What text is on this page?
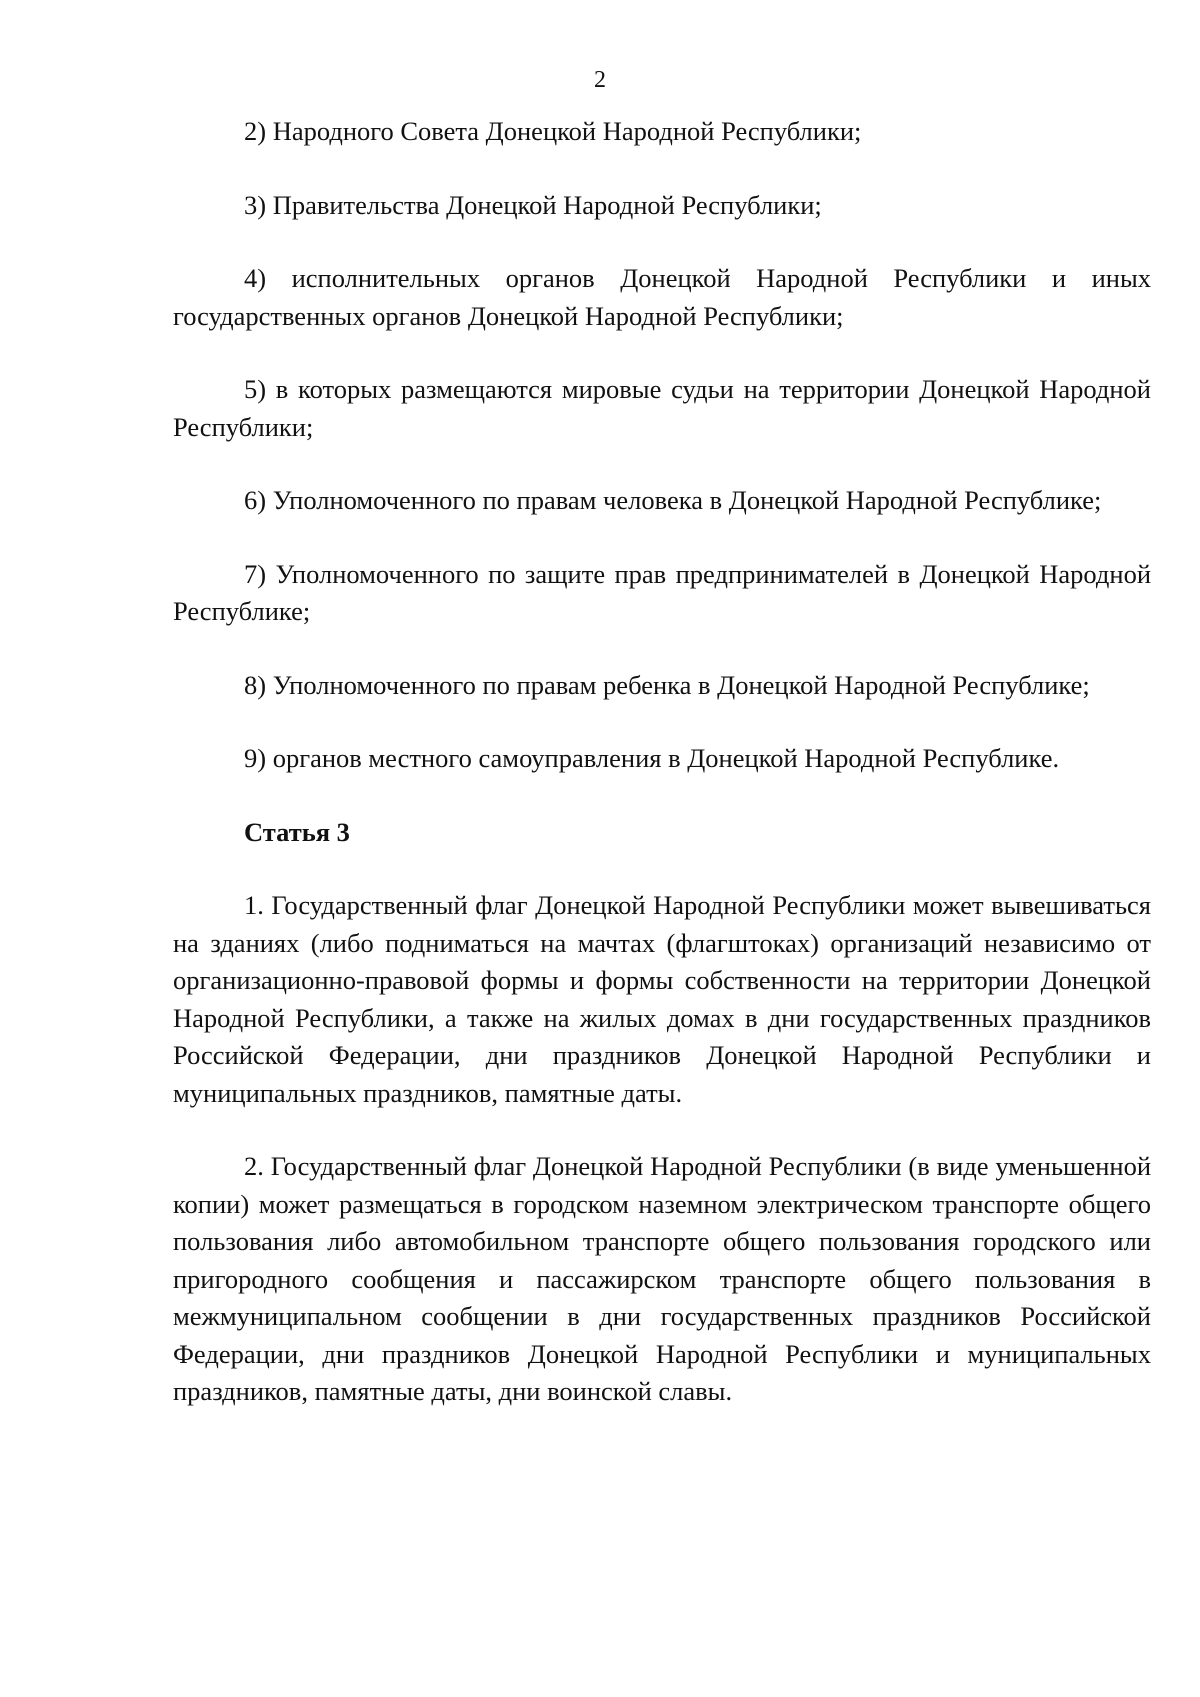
2

2) Народного Совета Донецкой Народной Республики;

3) Правительства Донецкой Народной Республики;

4) исполнительных органов Донецкой Народной Республики и иных государственных органов Донецкой Народной Республики;

5) в которых размещаются мировые судьи на территории Донецкой Народной Республики;

6) Уполномоченного по правам человека в Донецкой Народной Республике;

7) Уполномоченного по защите прав предпринимателей в Донецкой Народной Республике;

8) Уполномоченного по правам ребенка в Донецкой Народной Республике;

9) органов местного самоуправления в Донецкой Народной Республике.

Статья 3

1. Государственный флаг Донецкой Народной Республики может вывешиваться на зданиях (либо подниматься на мачтах (флагштоках) организаций независимо от организационно-правовой формы и формы собственности на территории Донецкой Народной Республики, а также на жилых домах в дни государственных праздников Российской Федерации, дни праздников Донецкой Народной Республики и муниципальных праздников, памятные даты.

2. Государственный флаг Донецкой Народной Республики (в виде уменьшенной копии) может размещаться в городском наземном электрическом транспорте общего пользования либо автомобильном транспорте общего пользования городского или пригородного сообщения и пассажирском транспорте общего пользования в межмуниципальном сообщении в дни государственных праздников Российской Федерации, дни праздников Донецкой Народной Республики и муниципальных праздников, памятные даты, дни воинской славы.
